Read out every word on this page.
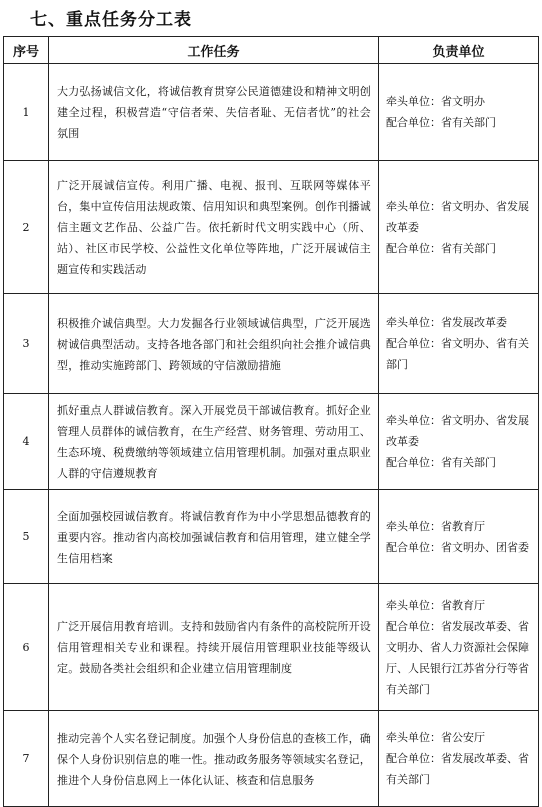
七、重点任务分工表
序号	工作任务	负责单位
1	大力弘扬诚信文化，将诚信教育贯穿公民道德建设和精神文明创建全过程，积极营造“守信者荣、失信者耻、无信者忧”的社会氛围	牵头单位：省文明办
配合单位：省有关部门

2	广泛开展诚信宣传。利用广播、电视、报刊、互联网等媒体平台，集中宣传信用法规政策、信用知识和典型案例。创作刊播诚信主题文艺作品、公益广告。依托新时代文明实践中心（所、站）、社区市民学校、公益性文化单位等阵地，广泛开展诚信主题宣传和实践活动	牵头单位：省文明办、省发展改革委
配合单位：省有关部门

3	积极推介诚信典型。大力发掘各行业领域诚信典型，广泛开展选树诚信典型活动。支持各地各部门和社会组织向社会推介诚信典型，推动实施跨部门、跨领域的守信激励措施	牵头单位：省发展改革委
配合单位：省文明办、省有关部门

4	抓好重点人群诚信教育。深入开展党员干部诚信教育。抓好企业管理人员群体的诚信教育，在生产经营、财务管理、劳动用工、生态环境、税费缴纳等领域建立信用管理机制。加强对重点职业人群的守信遵规教育	牵头单位：省文明办、省发展改革委
配合单位：省有关部门

5	全面加强校园诚信教育。将诚信教育作为中小学思想品德教育的重要内容。推动省内高校加强诚信教育和信用管理，建立健全学生信用档案	牵头单位：省教育厅
配合单位：省文明办、团省委

6	广泛开展信用教育培训。支持和鼓励省内有条件的高校院所开设信用管理相关专业和课程。持续开展信用管理职业技能等级认定。鼓励各类社会组织和企业建立信用管理制度	牵头单位：省教育厅
配合单位：省发展改革委、省文明办、省人力资源社会保障厅、人民银行江苏省分行等省有关部门

7	推动完善个人实名登记制度。加强个人身份信息的查核工作，确保个人身份识别信息的唯一性。推动政务服务等领域实名登记，推进个人身份信息网上一体化认证、核查和信息服务	牵头单位：省公安厅
配合单位：省发展改革委、省有关部门
